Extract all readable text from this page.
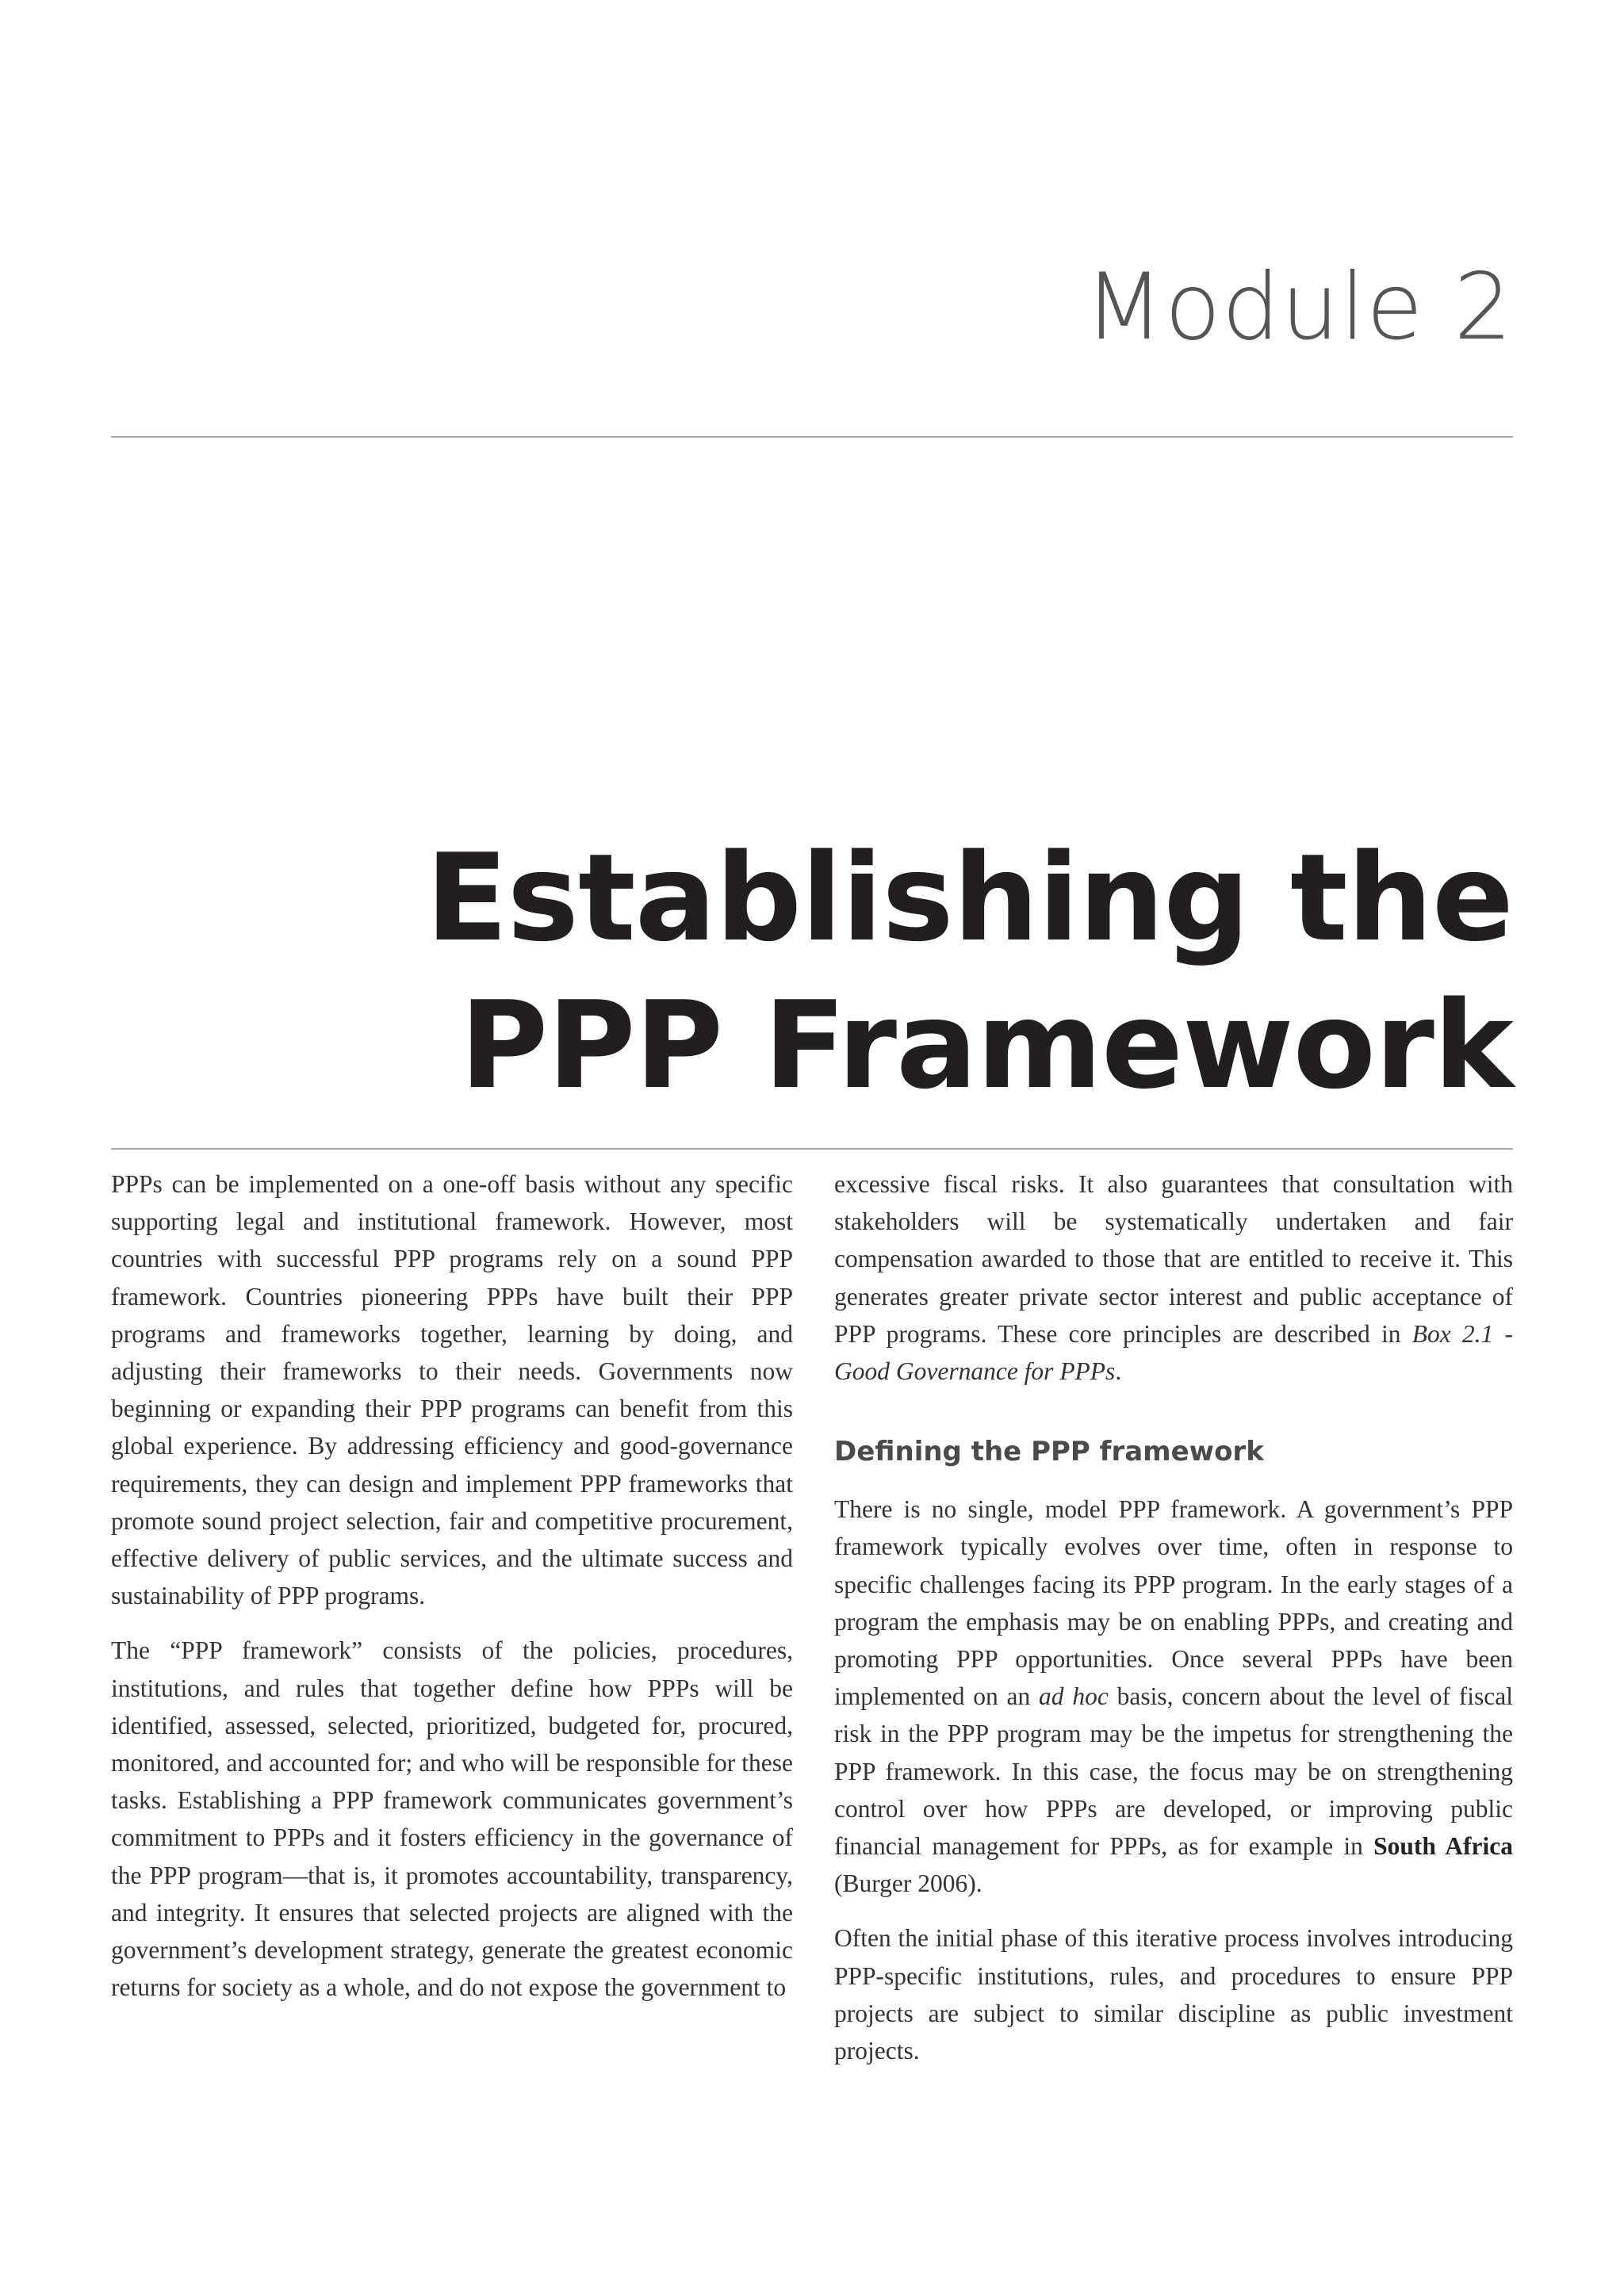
Module 2
Establishing the
PPP Framework

PPPs can be implemented on a one-off basis without any specific supporting legal and institutional framework. However, most countries with successful PPP programs rely on a sound PPP framework. Countries pioneering PPPs have built their PPP programs and frameworks together, learning by doing, and adjusting their frameworks to their needs. Governments now beginning or expanding their PPP programs can benefit from this global experience. By addressing efficiency and good-governance requirements, they can design and implement PPP frameworks that promote sound project selection, fair and competitive procurement, effective delivery of public services, and the ultimate success and sustainability of PPP programs.

The “PPP framework” consists of the policies, procedures, institutions, and rules that together define how PPPs will be identified, assessed, selected, prioritized, budgeted for, procured, monitored, and accounted for; and who will be responsible for these tasks. Establishing a PPP framework communicates government’s commitment to PPPs and it fosters efficiency in the governance of the PPP program—that is, it promotes accountability, transparency, and integrity. It ensures that selected projects are aligned with the government’s development strategy, generate the greatest economic returns for society as a whole, and do not expose the government to

excessive fiscal risks. It also guarantees that consultation with stakeholders will be systematically undertaken and fair compensation awarded to those that are entitled to receive it. This generates greater private sector interest and public acceptance of PPP programs. These core principles are described in Box 2.1 - Good Governance for PPPs.

Defining the PPP framework

There is no single, model PPP framework. A government’s PPP framework typically evolves over time, often in response to specific challenges facing its PPP program. In the early stages of a program the emphasis may be on enabling PPPs, and creating and promoting PPP opportunities. Once several PPPs have been implemented on an ad hoc basis, concern about the level of fiscal risk in the PPP program may be the impetus for strengthening the PPP framework. In this case, the focus may be on strengthening control over how PPPs are developed, or improving public financial management for PPPs, as for example in South Africa (Burger 2006).

Often the initial phase of this iterative process involves introducing PPP-specific institutions, rules, and procedures to ensure PPP projects are subject to similar discipline as public investment projects.
